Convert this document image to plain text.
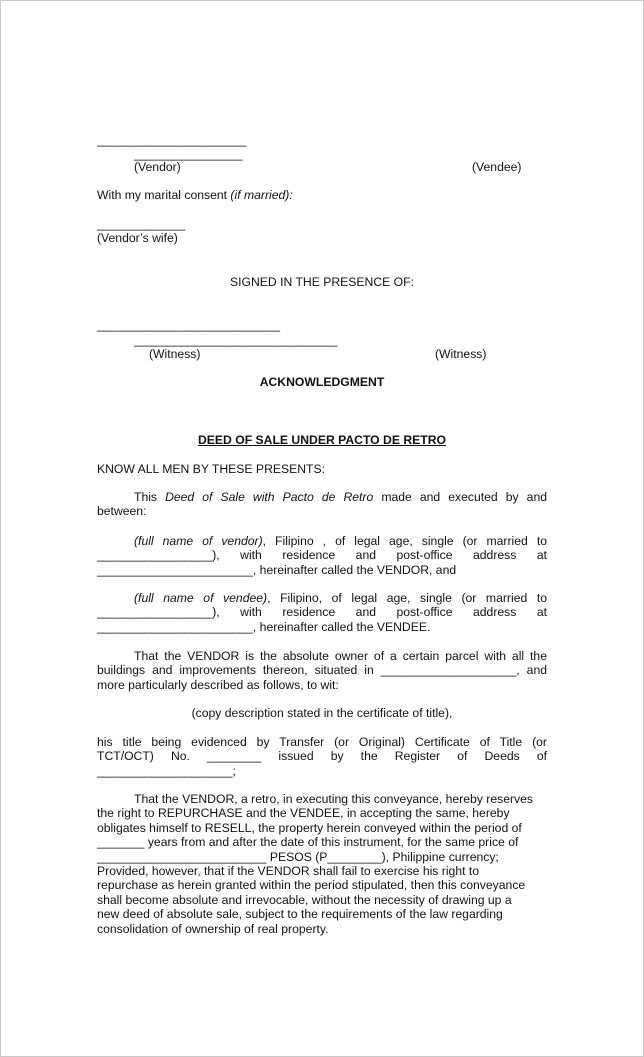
______________________
________________
(Vendor)	(Vendee)
With my marital consent (if married):
_____________
(Vendor’s wife)
SIGNED IN THE PRESENCE OF:
___________________________
______________________________
(Witness)	(Witness)
ACKNOWLEDGMENT
DEED OF SALE UNDER PACTO DE RETRO
KNOW ALL MEN BY THESE PRESENTS:
This Deed of Sale with Pacto de Retro made and executed by and
between:
(full name of vendor), Filipino , of legal age, single (or married to
_________________), with residence and post-office address at
_______________________, hereinafter called the VENDOR, and
(full name of vendee), Filipino, of legal age, single (or married to
_________________), with residence and post-office address at
_______________________, hereinafter called the VENDEE.
That the VENDOR is the absolute owner of a certain parcel with all the
buildings and improvements thereon, situated in ____________________, and
more particularly described as follows, to wit:
(copy description stated in the certificate of title),
his title being evidenced by Transfer (or Original) Certificate of Title (or
TCT/OCT) No. ________ issued by the Register of Deeds of
____________________;
That the VENDOR, a retro, in executing this conveyance, hereby reserves
the right to REPURCHASE and the VENDEE, in accepting the same, hereby
obligates himself to RESELL, the property herein conveyed within the period of
_______ years from and after the date of this instrument, for the same price of
_________________________ PESOS (P________), Philippine currency;
Provided, however, that if the VENDOR shall fail to exercise his right to
repurchase as herein granted within the period stipulated, then this conveyance
shall become absolute and irrevocable, without the necessity of drawing up a
new deed of absolute sale, subject to the requirements of the law regarding
consolidation of ownership of real property.
